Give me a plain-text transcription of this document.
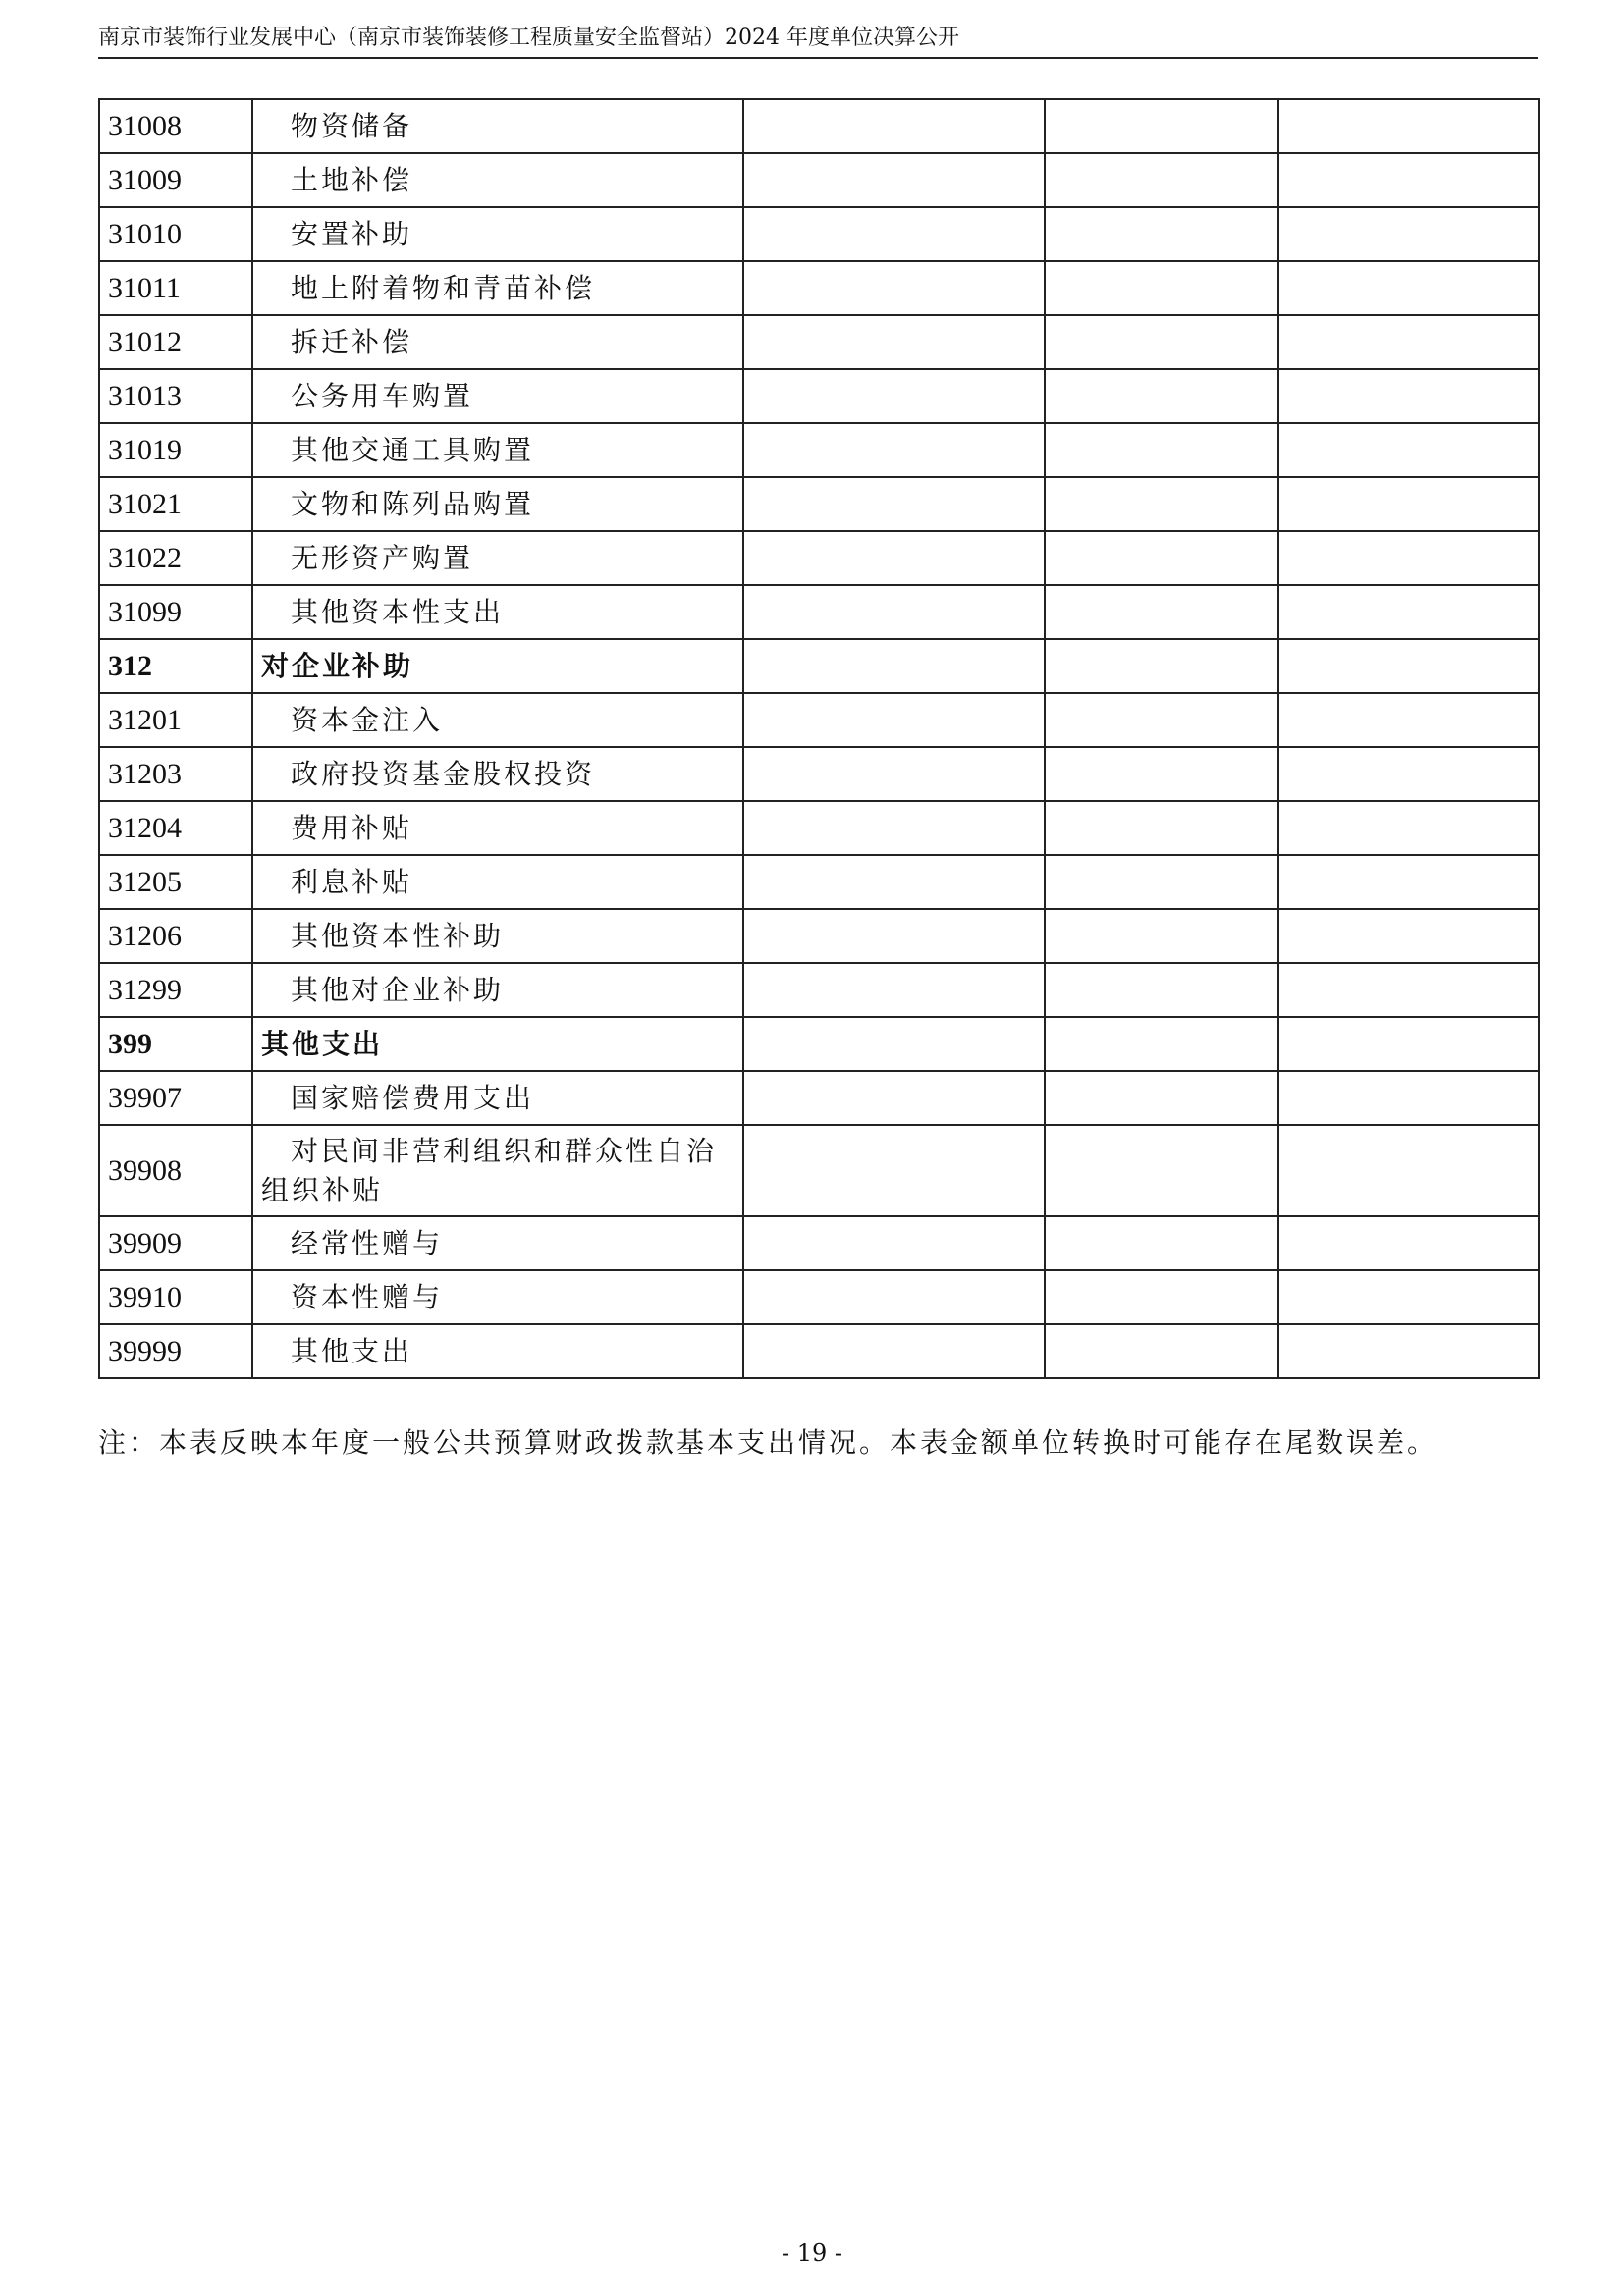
南京市装饰行业发展中心（南京市装饰装修工程质量安全监督站）2024 年度单位决算公开
31008	物资储备			
31009	土地补偿			
31010	安置补助			
31011	地上附着物和青苗补偿			
31012	拆迁补偿			
31013	公务用车购置			
31019	其他交通工具购置			
31021	文物和陈列品购置			
31022	无形资产购置			
31099	其他资本性支出			
312	对企业补助			
31201	资本金注入			
31203	政府投资基金股权投资			
31204	费用补贴			
31205	利息补贴			
31206	其他资本性补助			
31299	其他对企业补助			
399	其他支出			
39907	国家赔偿费用支出			
39908	对民间非营利组织和群众性自治组织补贴			
39909	经常性赠与			
39910	资本性赠与			
39999	其他支出			
注：本表反映本年度一般公共预算财政拨款基本支出情况。本表金额单位转换时可能存在尾数误差。
- 19 -
